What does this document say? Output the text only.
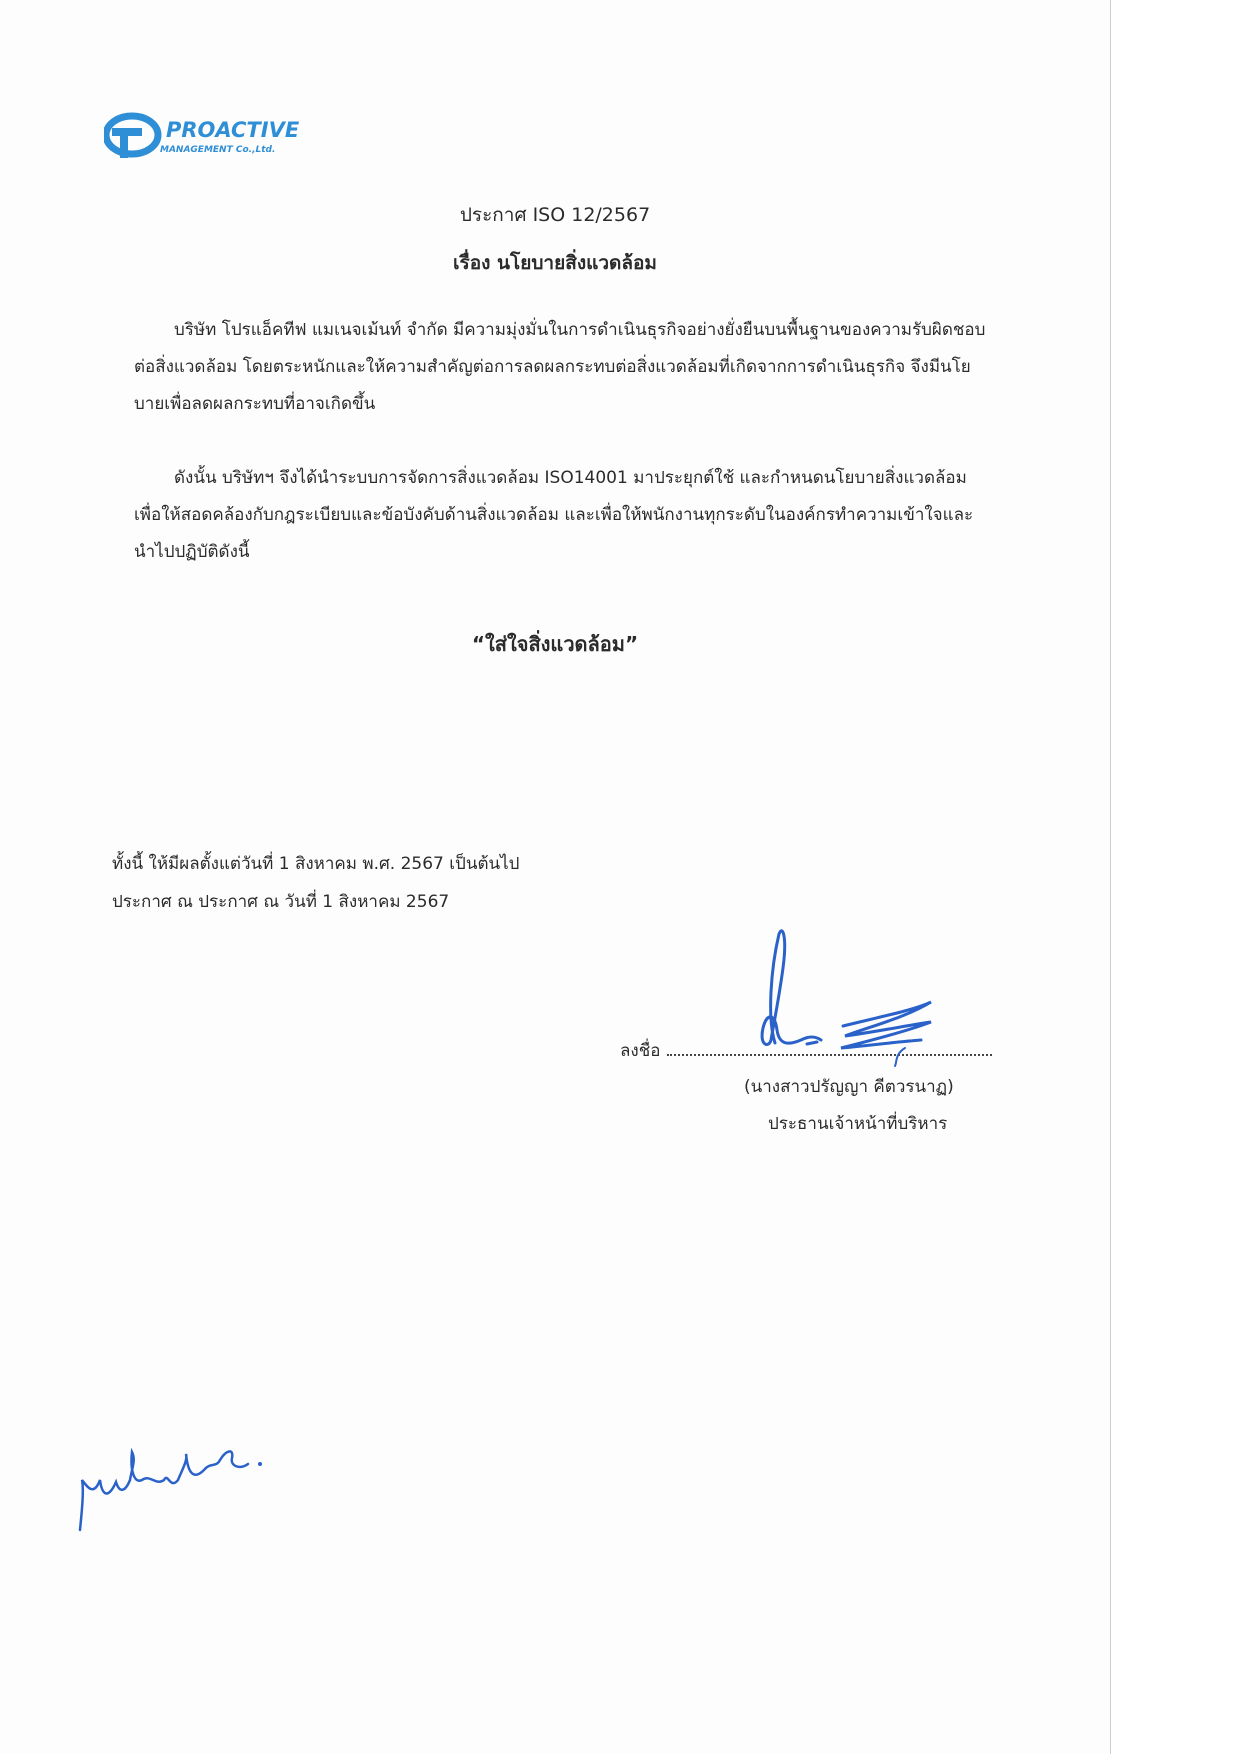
PROACTIVE
MANAGEMENT Co.,Ltd.
ประกาศ ISO 12/2567
เรื่อง นโยบายสิ่งแวดล้อม

บริษัท โปรแอ็คทีฟ แมเนจเม้นท์ จำกัด มีความมุ่งมั่นในการดำเนินธุรกิจอย่างยั่งยืนบนพื้นฐานของความรับผิดชอบต่อสิ่งแวดล้อม โดยตระหนักและให้ความสำคัญต่อการลดผลกระทบต่อสิ่งแวดล้อมที่เกิดจากการดำเนินธุรกิจ จึงมีนโยบายเพื่อลดผลกระทบที่อาจเกิดขึ้น

ดังนั้น บริษัทฯ จึงได้นำระบบการจัดการสิ่งแวดล้อม ISO14001 มาประยุกต์ใช้ และกำหนดนโยบายสิ่งแวดล้อมเพื่อให้สอดคล้องกับกฎระเบียบและข้อบังคับด้านสิ่งแวดล้อม และเพื่อให้พนักงานทุกระดับในองค์กรทำความเข้าใจและนำไปปฏิบัติดังนี้

“ใส่ใจสิ่งแวดล้อม”
ทั้งนี้ ให้มีผลตั้งแต่วันที่ 1 สิงหาคม พ.ศ. 2567 เป็นต้นไป
ประกาศ ณ ประกาศ ณ วันที่ 1 สิงหาคม 2567
ลงชื่อ
(นางสาวปรัญญา คีตวรนาฏ)
ประธานเจ้าหน้าที่บริหาร
